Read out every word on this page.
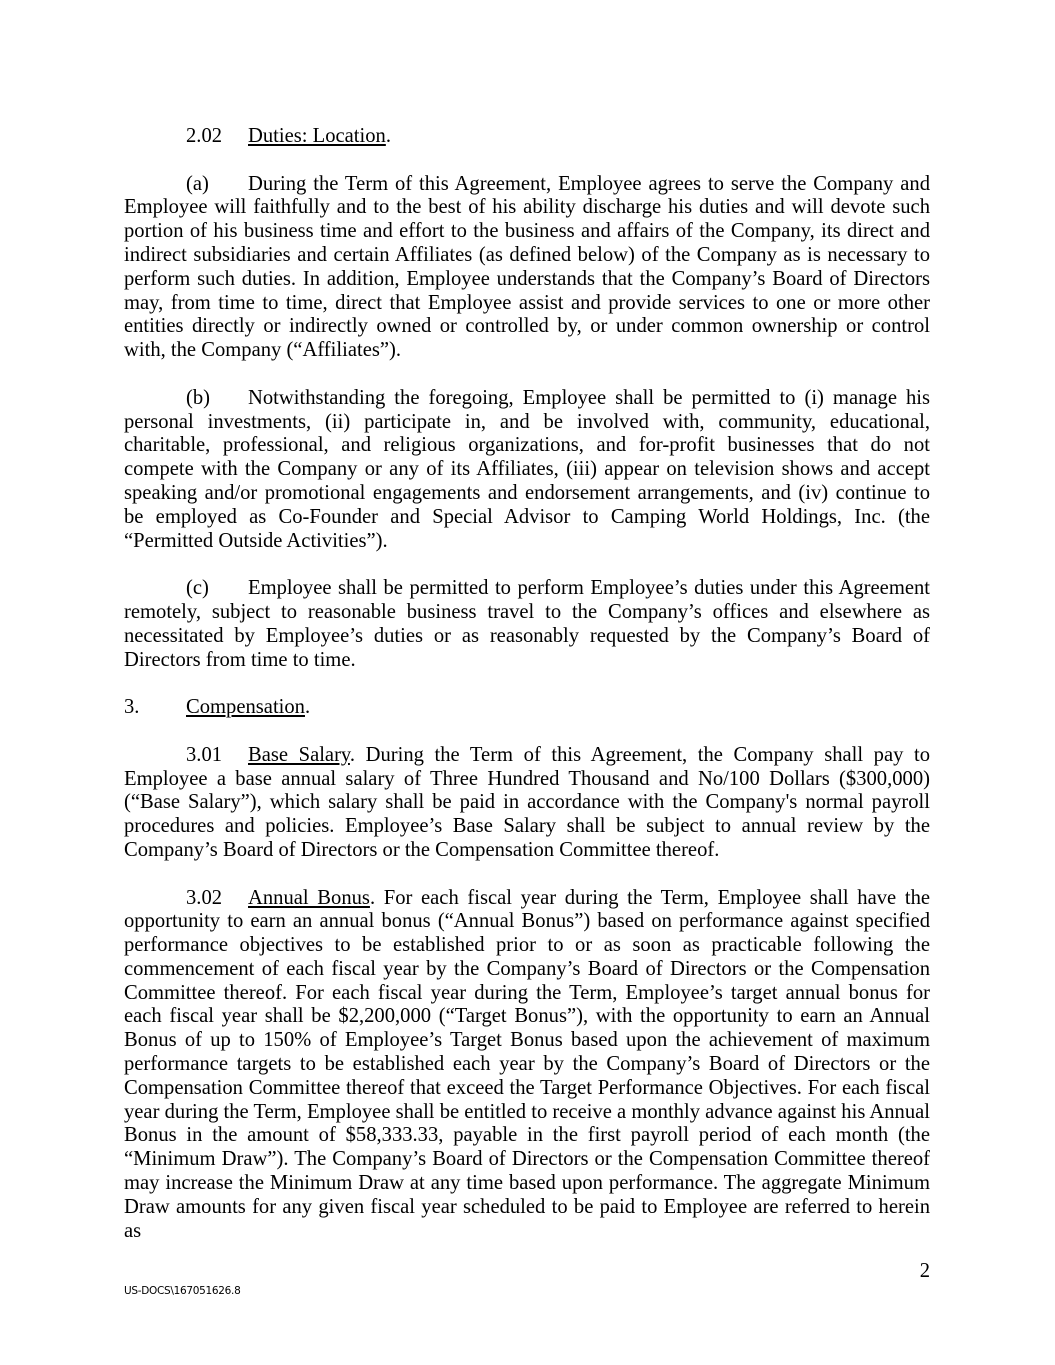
2.02 Duties: Location.

(a) During the Term of this Agreement, Employee agrees to serve the Company and Employee will faithfully and to the best of his ability discharge his duties and will devote such portion of his business time and effort to the business and affairs of the Company, its direct and indirect subsidiaries and certain Affiliates (as defined below) of the Company as is necessary to perform such duties. In addition, Employee understands that the Company’s Board of Directors may, from time to time, direct that Employee assist and provide services to one or more other entities directly or indirectly owned or controlled by, or under common ownership or control with, the Company (“Affiliates”).

(b) Notwithstanding the foregoing, Employee shall be permitted to (i) manage his personal investments, (ii) participate in, and be involved with, community, educational, charitable, professional, and religious organizations, and for-profit businesses that do not compete with the Company or any of its Affiliates, (iii) appear on television shows and accept speaking and/or promotional engagements and endorsement arrangements, and (iv) continue to be employed as Co-Founder and Special Advisor to Camping World Holdings, Inc. (the “Permitted Outside Activities”).

(c) Employee shall be permitted to perform Employee’s duties under this Agreement remotely, subject to reasonable business travel to the Company’s offices and elsewhere as necessitated by Employee’s duties or as reasonably requested by the Company’s Board of Directors from time to time.

3. Compensation.

3.01 Base Salary. During the Term of this Agreement, the Company shall pay to Employee a base annual salary of Three Hundred Thousand and No/100 Dollars ($300,000) (“Base Salary”), which salary shall be paid in accordance with the Company's normal payroll procedures and policies. Employee’s Base Salary shall be subject to annual review by the Company’s Board of Directors or the Compensation Committee thereof.

3.02 Annual Bonus. For each fiscal year during the Term, Employee shall have the opportunity to earn an annual bonus (“Annual Bonus”) based on performance against specified performance objectives to be established prior to or as soon as practicable following the commencement of each fiscal year by the Company’s Board of Directors or the Compensation Committee thereof. For each fiscal year during the Term, Employee’s target annual bonus for each fiscal year shall be $2,200,000 (“Target Bonus”), with the opportunity to earn an Annual Bonus of up to 150% of Employee’s Target Bonus based upon the achievement of maximum performance targets to be established each year by the Company’s Board of Directors or the Compensation Committee thereof that exceed the Target Performance Objectives. For each fiscal year during the Term, Employee shall be entitled to receive a monthly advance against his Annual Bonus in the amount of $58,333.33, payable in the first payroll period of each month (the “Minimum Draw”). The Company’s Board of Directors or the Compensation Committee thereof may increase the Minimum Draw at any time based upon performance. The aggregate Minimum Draw amounts for any given fiscal year scheduled to be paid to Employee are referred to herein as

2
US-DOCS\167051626.8
